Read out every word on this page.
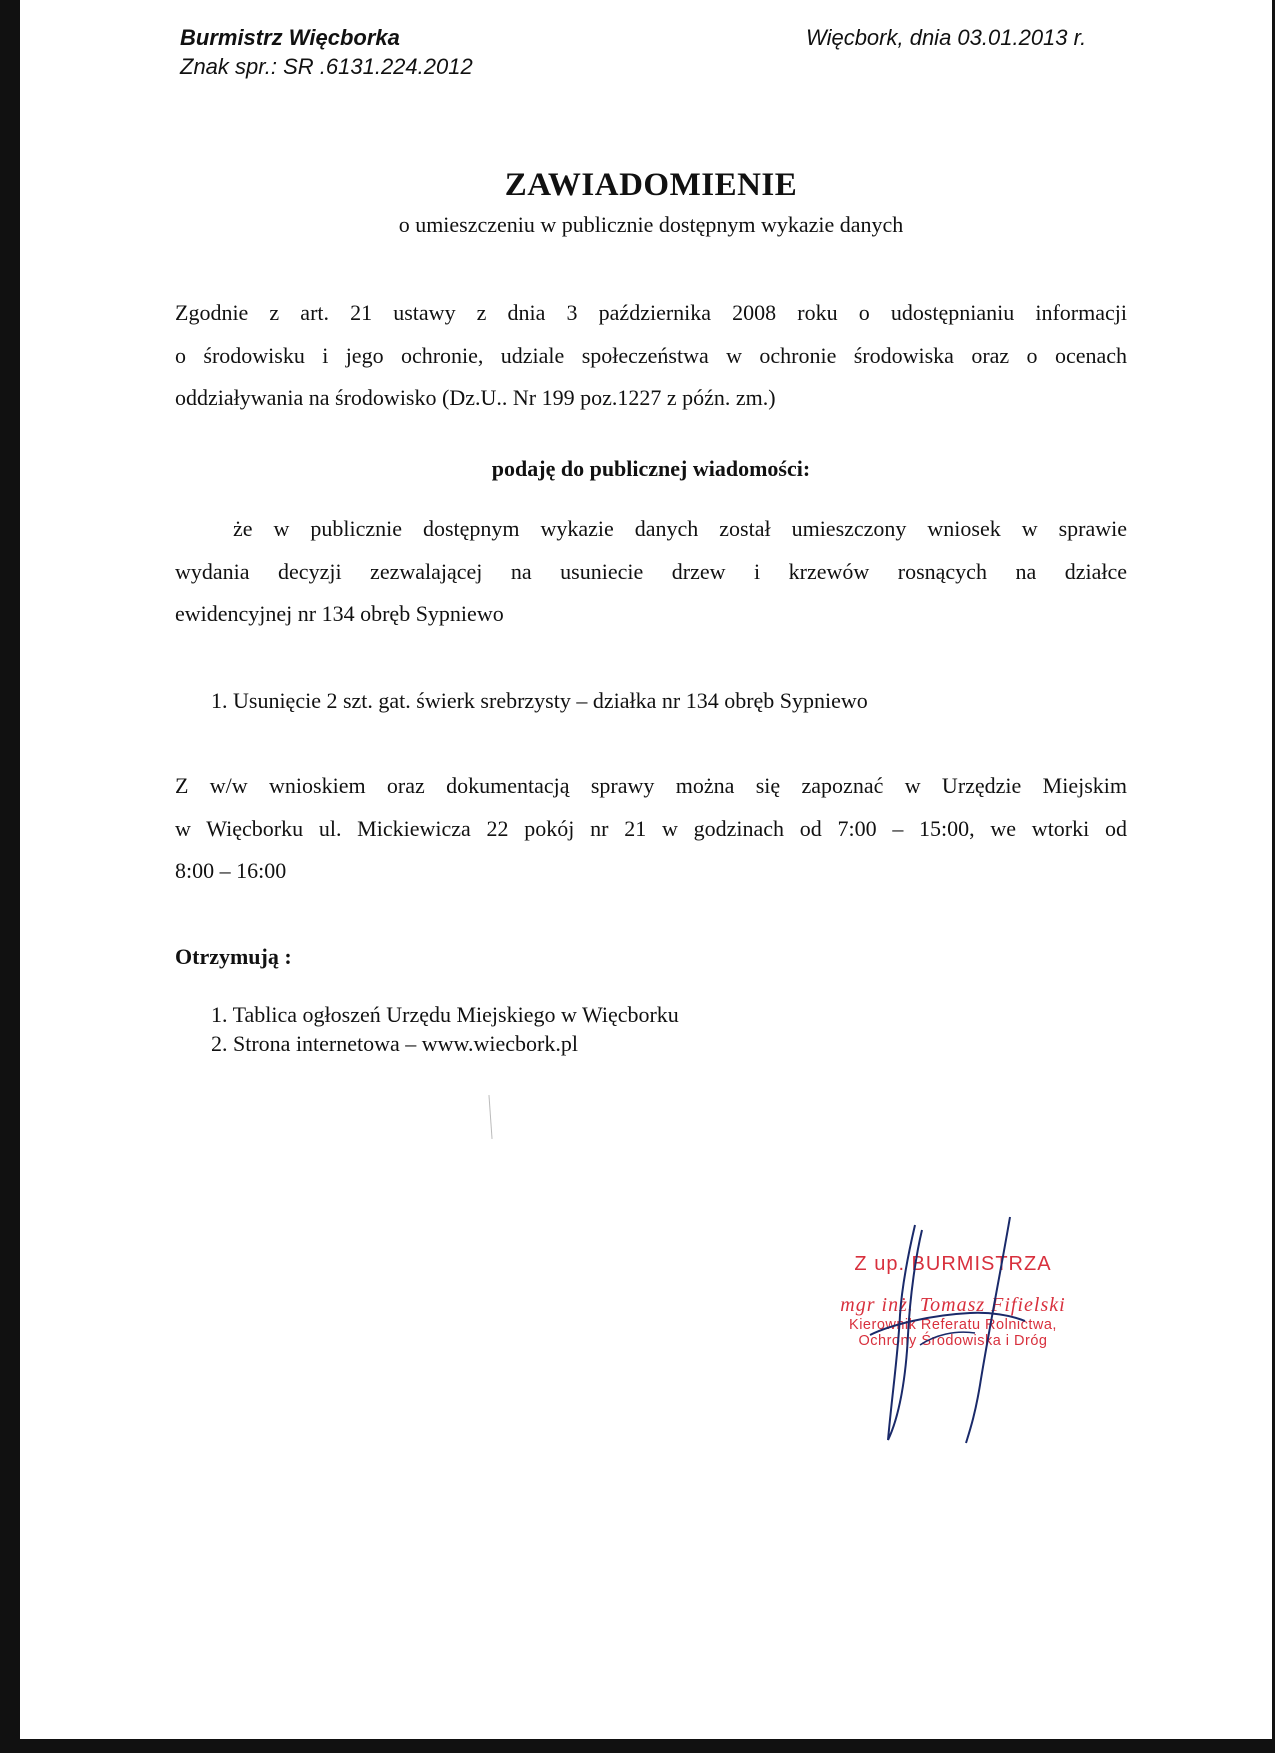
Burmistrz Więcborka
Znak spr.: SR .6131.224.2012
Więcbork, dnia 03.01.2013 r.
ZAWIADOMIENIE
o umieszczeniu w publicznie dostępnym wykazie danych
Zgodnie z art. 21 ustawy z dnia 3 października 2008 roku o udostępnianiu informacji
o środowisku i jego ochronie, udziale społeczeństwa w ochronie środowiska oraz o ocenach
oddziaływania na środowisko (Dz.U.. Nr 199 poz.1227 z późn. zm.)
podaję do publicznej wiadomości:
że w publicznie dostępnym wykazie danych został umieszczony wniosek w sprawie
wydania decyzji zezwalającej na usuniecie drzew i krzewów rosnących na działce
ewidencyjnej nr 134 obręb Sypniewo
1. Usunięcie 2 szt. gat. świerk srebrzysty – działka nr 134 obręb Sypniewo
Z w/w wnioskiem oraz dokumentacją sprawy można się zapoznać w Urzędzie Miejskim
w Więcborku ul. Mickiewicza 22 pokój nr 21 w godzinach od 7:00 – 15:00, we wtorki od
8:00 – 16:00
Otrzymują :
1. Tablica ogłoszeń Urzędu Miejskiego w Więcborku
2. Strona internetowa – www.wiecbork.pl
Z up. BURMISTRZA
mgr inż. Tomasz Fifielski
Kierownik Referatu Rolnictwa,
Ochrony Środowiska i Dróg
